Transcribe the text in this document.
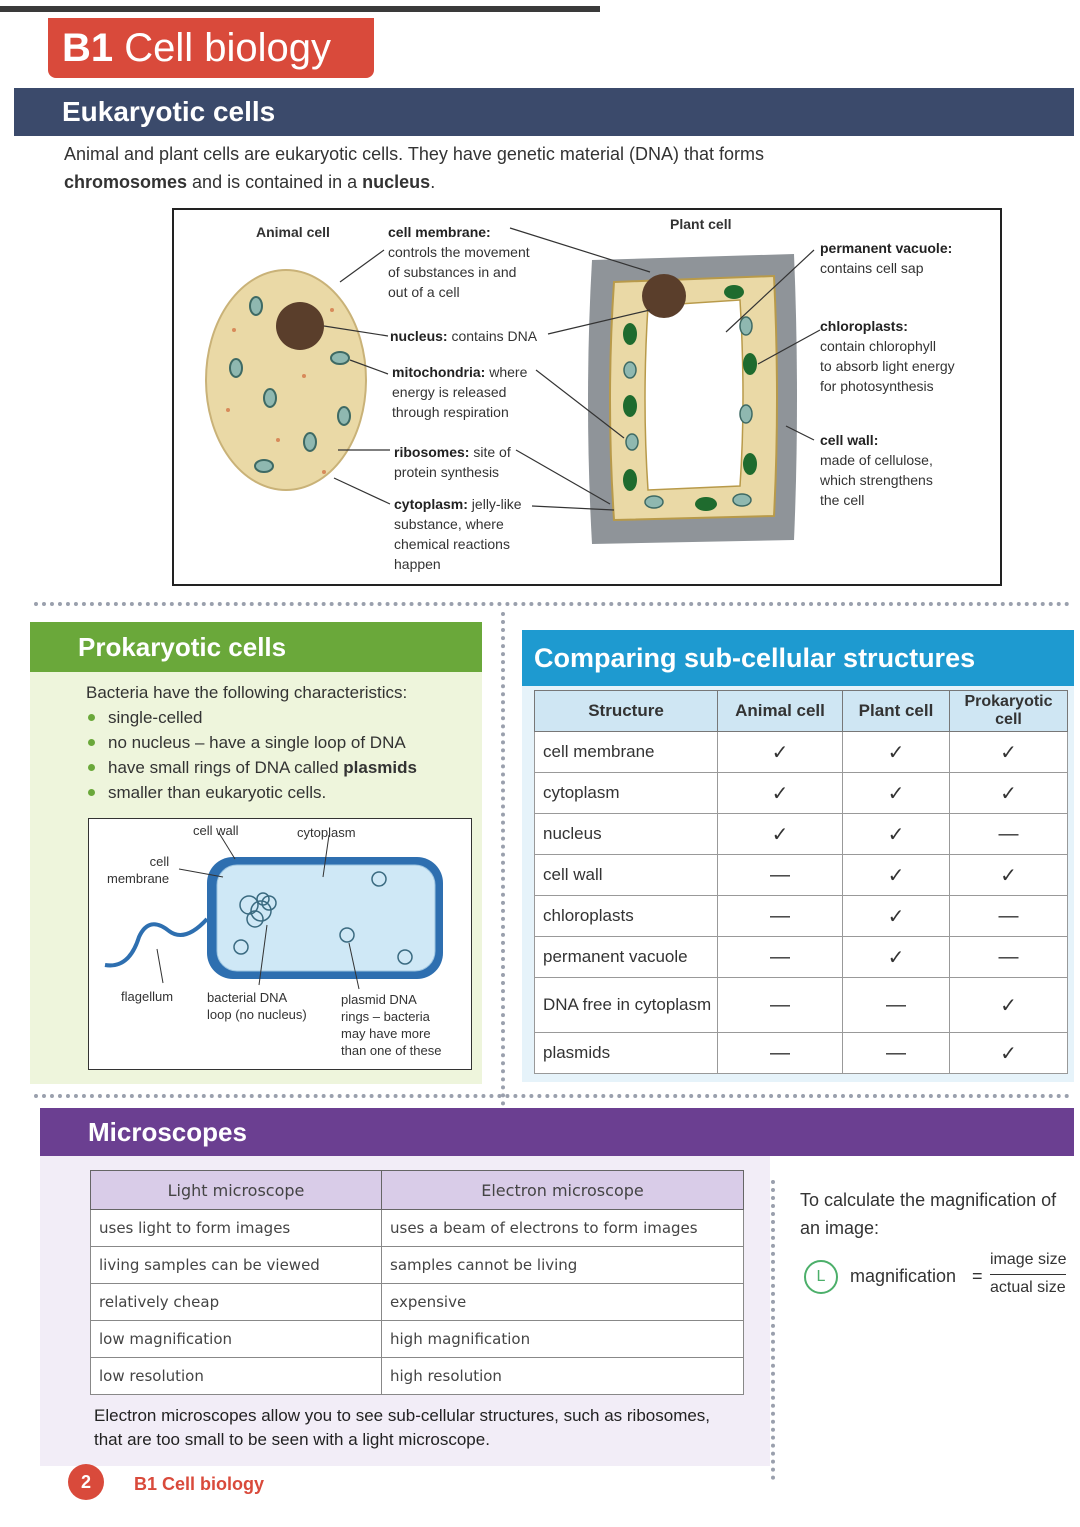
B1 Cell biology
Eukaryotic cells
Animal and plant cells are eukaryotic cells. They have genetic material (DNA) that forms
chromosomes and is contained in a nucleus.
Animal cell	Plant cell
cell membrane:
controls the movement
of substances in and
out of a cell
nucleus: contains DNA
mitochondria: where
energy is released
through respiration
ribosomes: site of
protein synthesis
cytoplasm: jelly-like
substance, where
chemical reactions
happen
permanent vacuole:
contains cell sap
chloroplasts:
contain chlorophyll
to absorb light energy
for photosynthesis
cell wall:
made of cellulose,
which strengthens
the cell
Prokaryotic cells
Bacteria have the following characteristics:
single-celled
no nucleus – have a single loop of DNA
have small rings of DNA called plasmids
smaller than eukaryotic cells.
cell wall	cytoplasm
cell
membrane
flagellum	bacterial DNA
loop (no nucleus)
plasmid DNA
rings – bacteria
may have more
than one of these
Comparing sub-cellular structures
Structure	Animal cell	Plant cell	Prokaryotic cell
cell membrane	✓	✓	✓
cytoplasm	✓	✓	✓
nucleus	✓	✓	—
cell wall	—	✓	✓
chloroplasts	—	✓	—
permanent vacuole	—	✓	—
DNA free in cytoplasm	—	—	✓
plasmids	—	—	✓
Microscopes
Light microscope	Electron microscope
uses light to form images	uses a beam of electrons to form images
living samples can be viewed	samples cannot be living
relatively cheap	expensive
low magnification	high magnification
low resolution	high resolution
Electron microscopes allow you to see sub-cellular structures, such as ribosomes, that are too small to be seen with a light microscope.
To calculate the magnification of an image:
L	magnification =
image size
actual size
2	B1 Cell biology
